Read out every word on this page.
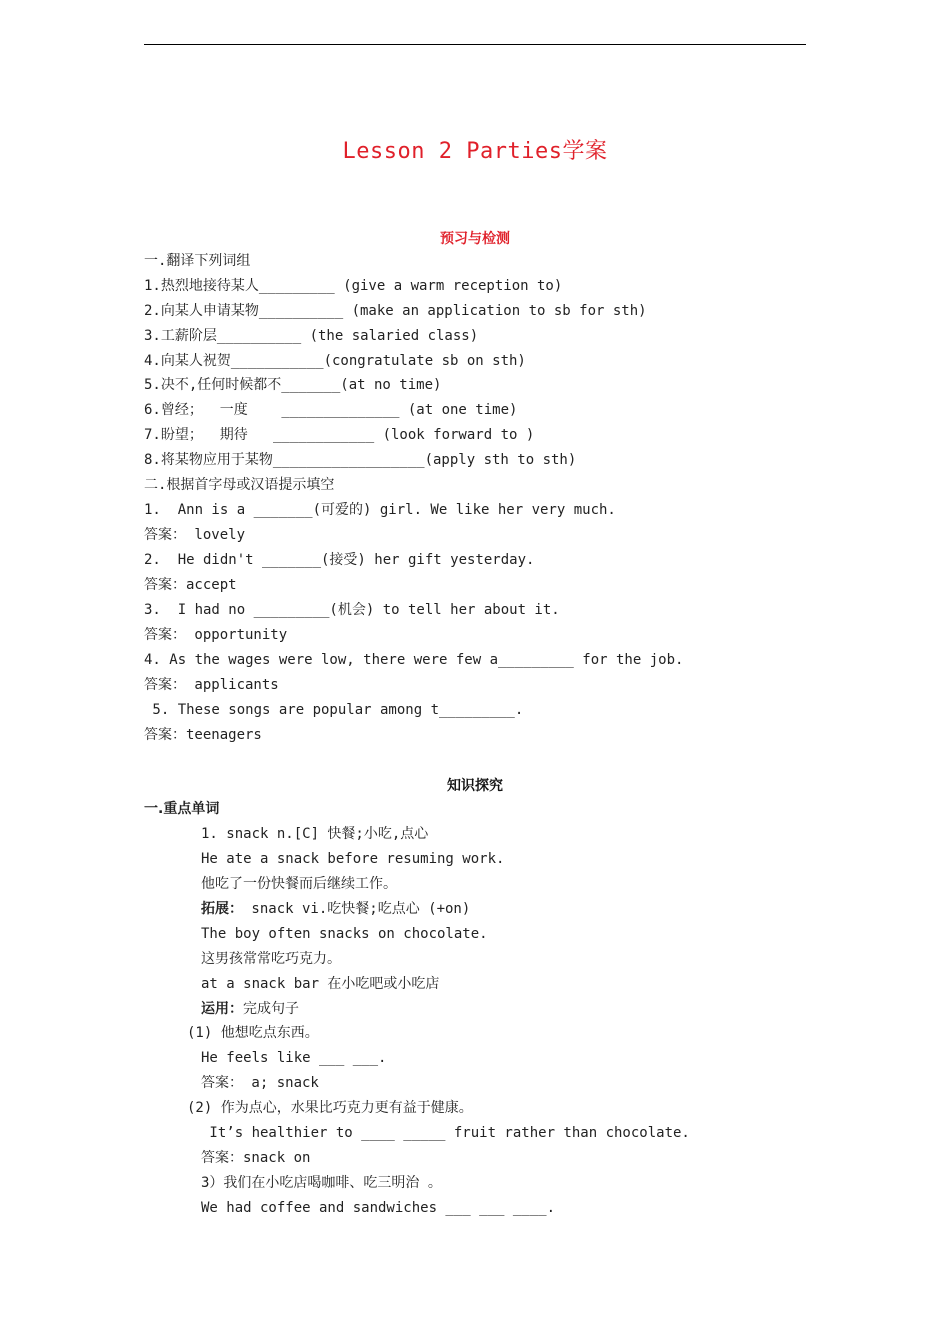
Lesson 2 Parties学案
预习与检测
一.翻译下列词组
1.热烈地接待某人_________ (give a warm reception to)
2.向某人申请某物__________ (make an application to sb for sth)
3.工薪阶层__________ (the salaried class)
4.向某人祝贺___________(congratulate sb on sth)
5.决不,任何时候都不_______(at no time)
6.曾经；  一度    ______________ (at one time)
7.盼望；  期待   ____________ (look forward to )
8.将某物应用于某物__________________(apply sth to sth)
二.根据首字母或汉语提示填空
1.  Ann is a _______(可爱的) girl. We like her very much.
答案： lovely
2.  He didn't _______(接受) her gift yesterday.
答案：accept
3.  I had no _________(机会) to tell her about it.
答案： opportunity
4. As the wages were low, there were few a_________ for the job.
答案： applicants
5. These songs are popular among t_________.
答案：teenagers
知识探究
一.重点单词
1. snack n.[C] 快餐;小吃,点心
He ate a snack before resuming work.
他吃了一份快餐而后继续工作。
拓展： snack vi.吃快餐;吃点心 (+on)
The boy often snacks on chocolate.
这男孩常常吃巧克力。
at a snack bar 在小吃吧或小吃店
运用：完成句子
(1) 他想吃点东西。
He feels like ___ ___.
答案： a; snack
(2) 作为点心，水果比巧克力更有益于健康。
It’s healthier to ____ _____ fruit rather than chocolate.
答案：snack on
3）我们在小吃店喝咖啡、吃三明治 。
We had coffee and sandwiches ___ ___ ____.
